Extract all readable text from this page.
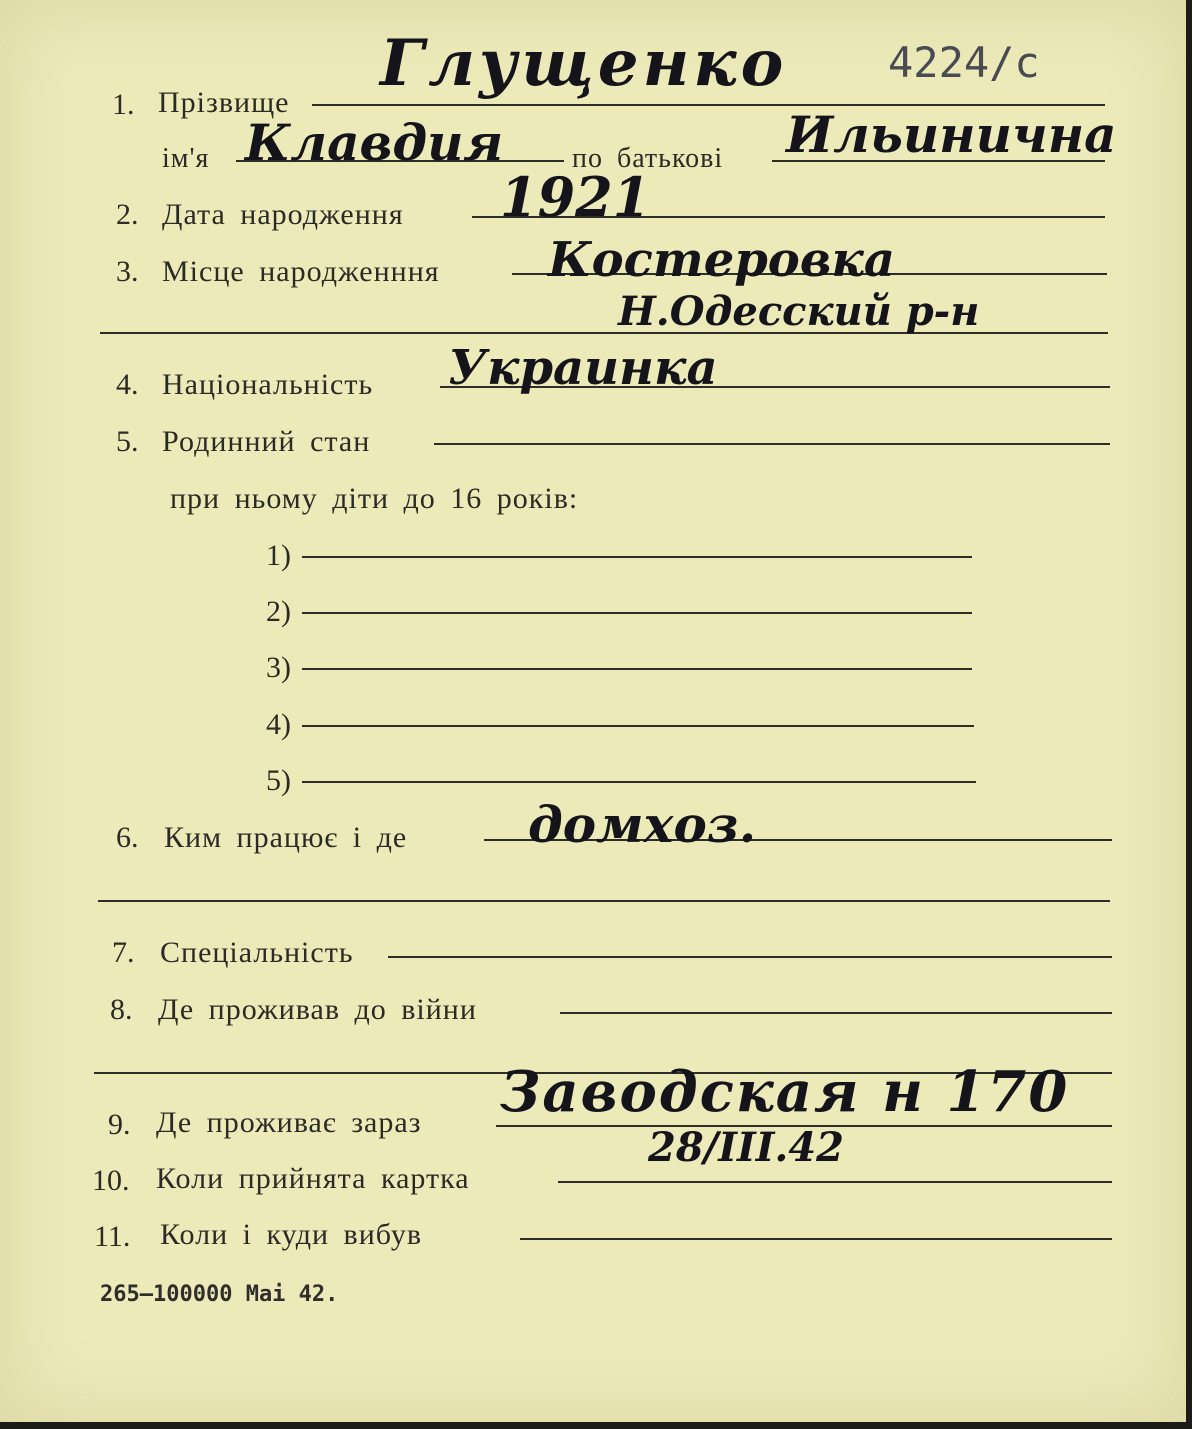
1. Прізвище
Глущенко 4224/с
ім'я	по батькові
Клавдия	Ильинична
2. Дата народження 1921
3. Місце народженння Костеровка
Н.Одесский р-н
4. Національність Украинка
5. Родинний стан
при ньому діти до 16 років:
1)
2)
3)
4)
5)
6. Ким працює і де домхоз.
7. Спеціальність
8. Де проживав до війни
9. Де проживає зараз Заводская н 170
10. Коли прийнята картка
28/III.42
11. Коли і куди вибув
265—100000 Mai 42.
